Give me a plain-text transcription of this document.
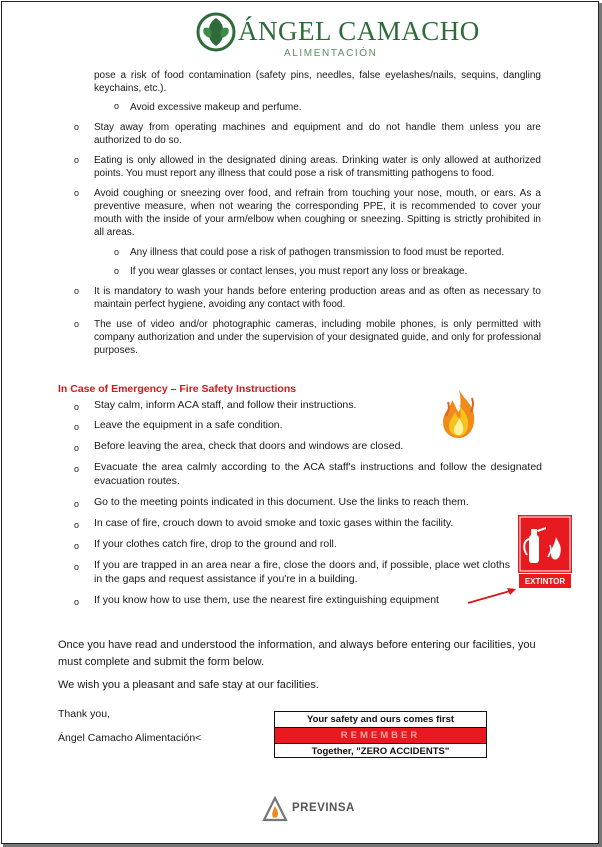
ÁNGEL CAMACHO
ALIMENTACIÓN
pose a risk of food contamination (safety pins, needles, false eyelashes/nails, sequins, dangling keychains, etc.).
o Avoid excessive makeup and perfume.
o Stay away from operating machines and equipment and do not handle them unless you are authorized to do so.
o Eating is only allowed in the designated dining areas. Drinking water is only allowed at authorized points. You must report any illness that could pose a risk of transmitting pathogens to food.
o Avoid coughing or sneezing over food, and refrain from touching your nose, mouth, or ears. As a preventive measure, when not wearing the corresponding PPE, it is recommended to cover your mouth with the inside of your arm/elbow when coughing or sneezing. Spitting is strictly prohibited in all areas.
o Any illness that could pose a risk of pathogen transmission to food must be reported.
o If you wear glasses or contact lenses, you must report any loss or breakage.
o It is mandatory to wash your hands before entering production areas and as often as necessary to maintain perfect hygiene, avoiding any contact with food.
o The use of video and/or photographic cameras, including mobile phones, is only permitted with company authorization and under the supervision of your designated guide, and only for professional purposes.
In Case of Emergency – Fire Safety Instructions
o Stay calm, inform ACA staff, and follow their instructions.
o Leave the equipment in a safe condition.
o Before leaving the area, check that doors and windows are closed.
o Evacuate the area calmly according to the ACA staff's instructions and follow the designated evacuation routes.
o Go to the meeting points indicated in this document. Use the links to reach them.
o In case of fire, crouch down to avoid smoke and toxic gases within the facility.
o If your clothes catch fire, drop to the ground and roll.
o If you are trapped in an area near a fire, close the doors and, if possible, place wet cloths in the gaps and request assistance if you're in a building.
o If you know how to use them, use the nearest fire extinguishing equipment
EXTINTOR
Once you have read and understood the information, and always before entering our facilities, you must complete and submit the form below.
We wish you a pleasant and safe stay at our facilities.
Thank you,
Ángel Camacho Alimentación<
Your safety and ours comes first
REMEMBER
Together, "ZERO ACCIDENTS"
PREVINSA
